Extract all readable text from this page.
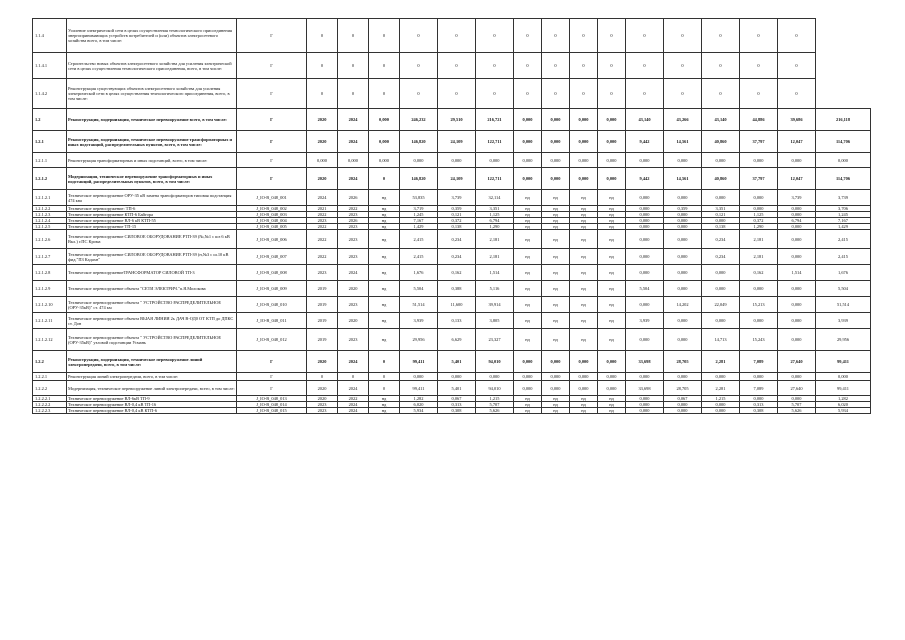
1.1.4	Усиление электрической сети в целях осуществления технологического присоединения энергопринимающих устройств потребителей и (или) объектов электросетевого хозяйства всего, в том числе:	Г	0	0	0	0	0	0	0	0	0	0	0	0	0	0	0	
1.1.4.1	Строительство новых объектов электросетевого хозяйства для усиления электрической сети в целях осуществления технологического присоединения, всего, в том числе:	Г	0	0	0	0	0	0	0	0	0	0	0	0	0	0	0	
1.1.4.2	Реконструкция существующих объектов электросетевого хозяйства для усиления электрической сети в целях осуществления технологического присоединения, всего, в том числе:	Г	0	0	0	0	0	0	0	0	0	0	0	0	0	0	0	
1.2	Реконструкция, модернизация, техническое перевооружение всего, в том числе:	Г	2020	2024	0,000	246,232	29,510	216,721	0,000	0,000	0,000	0,000	43,140	43,266	43,140	44,886	39,686	216,118
1.2.1	Реконструкция, модернизация, техническое перевооружение трансформаторных и иных подстанций, распределительных пунктов, всего, в том числе:	Г	2020	2024	0,000	146,820	24,109	122,711	0,000	0,000	0,000	0,000	9,442	14,561	40,860	37,797	12,047	114,706
1.2.1.1	Реконструкция трансформаторных и иных подстанций, всего, в том числе:	Г	0,000	0,000	0,000	0,000	0,000	0,000	0,000	0,000	0,000	0,000	0,000	0,000	0,000	0,000	0,000	0,000
1.2.1.2	Модернизация, техническое перевооружение трансформаторных и иных подстанций, распределительных пунктов, всего, в том числе:	Г	2020	2024	0	146,820	24,109	122,711	0,000	0,000	0,000	0,000	9,442	14,561	40,860	37,797	12,047	114,706
1.2.1.2.1	Техническое перевооружение ОРУ-35 кВ замена трансформаторов типовая подстанция 474 ква	J_IO-B_048_001	2024	2026	нд	53,835	3,739	32,114	нд	нд	нд	нд	0,000	0,000	0,000	0,000	3,739	3,739
1.2.1.2.2	Техническое перевооружение: ТП-6	J_IO-B_048_002	2021	2022	нд	3,719	0,359	3,351	нд	нд	нд	нд	0,000	0,359	3,351	0,000	0,000	3,706
1.2.1.2.3	Техническое перевооружение КТП-6 Байгора	J_IO-B_048_003	2022	2023	нд	1,245	0,121	1,125	нд	нд	нд	нд	0,000	0,000	0,121	1,125	0,000	1,245
1.2.1.2.4	Техническое перевооружение ВЛ-6 кВ КТП-55	J_IO-B_048_004	2023	2026	нд	7,167	0,372	6,794	нд	нд	нд	нд	0,000	0,000	0,000	0,372	6,794	7,167
1.2.1.2.5	Техническое перевооружение ТП-15	J_IO-B_048_005	2022	2023	нд	1,429	0,138	1,290	нд	нд	нд	нд	0,000	0,000	0,138	1,290	0,000	1,429
1.2.1.2.6	Техническое перевооружение СИЛОВОЕ ОБОРУДОВАНИЕ РТП-39 (№,№1 с шз 6 кВ Вкл.) г.ПС Крома	J_IO-B_048_006	2022	2023	нд	2,415	0,234	2,181	нд	нд	нд	нд	0,000	0,000	0,234	2,181	0,000	2,415
1.2.1.2.7	Техническое перевооружение СИЛОВОЕ ОБОРУДОВАНИЕ РТП-39 (н,№3 с ш.10 кВ фид."ПЗ Кадахн"	J_IO-B_048_007	2022	2023	нд	2,415	0,234	2,181	нд	нд	нд	нд	0,000	0,000	0,234	2,181	0,000	2,415
1.2.1.2.8	Техническое перевооружениеТРАНСФОРМАТОР СИЛОВОЙ ТП-3	J_IO-B_048_008	2023	2024	нд	1,676	0,162	1,514	нд	нд	нд	нд	0,000	0,000	0,000	0,162	1,514	1,676
1.2.1.2.9	Техническое перевооружение объекта "СЕТИ ЭЛЕКТРИЧ."п.Я.Молокова	J_IO-B_048_009	2019	2020	нд	5,504	0,388	5,116	нд	нд	нд	нд	5,504	0,000	0,000	0,000	0,000	5,504
1.2.1.2.10	Техническое перевооружение объекта " УСТРОЙСТВО РАСПРЕДЕЛИТЕЛЬНОЕ (ОРУ-35кВ)" ст. 474 км	J_IO-B_048_010	2019	2023	нд	51,514	11,600	39,914	нд	нд	нд	нд	0,000	14,202	22,049	15,213	0,000	51,514
1.2.1.2.11	Техническое перевооружение объекта ВЫАЯ ЛИНИЯ 2ь ДАЧ В-ОД0 ОТ КТП до ДПКС ст. Дон	J_IO-B_048_011	2019	2020	нд	3,939	0,133	3,805	нд	нд	нд	нд	3,939	0,000	0,000	0,000	0,000	3,939
1.2.1.2.12	Техническое перевооружение объекта " УСТРОЙСТВО РАСПРЕДЕЛИТЕЛЬНОЕ (ОРУ-35кВ)" узловой подстанции Усмань	J_IO-B_048_012	2019	2023	нд	29,956	6,629	23,327	нд	нд	нд	нд	0,000	0,000	14,713	15,243	0,000	29,956
1.2.2	Реконструкция, модернизация, техническое перевооружение линий электропередачи, всего, в том числе:	Г	2020	2024	0	99,411	5,401	94,010	0,000	0,000	0,000	0,000	33,698	28,705	2,281	7,089	27,640	99,411
1.2.2.1	Реконструкция линий электропередачи, всего, в том числе:	Г	0	0	0	0,000	0,000	0,000	0,000	0,000	0,000	0,000	0,000	0,000	0,000	0,000	0,000	0,000
1.2.2.2	Модернизация, техническое перевооружение линий электропередачи, всего, в том числе:	Г	2020	2024	0	99,411	5,401	94,010	0,000	0,000	0,000	0,000	33,698	28,705	2,281	7,089	27,640	99,411
1.2.2.2.1	Техническое перевооружение ВЛ-6кВ ТП-9	J_IO-B_048_013	2020	2022	нд	1,282	0,067	1,215	нд	нд	нд	нд	0,000	0,067	1,215	0,000	0,000	1,282
1.2.2.2.2	Техническое перевооружение ВЛ-0,4 кВ ТП-16	J_IO-B_048_014	2023	2024	нд	6,020	0,313	5,707	нд	нд	нд	нд	0,000	0,000	0,000	0,313	5,707	6,020
1.2.2.2.3	Техническое перевооружение ВЛ-0,4 кВ КТП-6	J_IO-B_048_015	2023	2024	нд	5,934	0,308	5,626	нд	нд	нд	нд	0,000	0,000	0,000	0,308	5,626	5,934
